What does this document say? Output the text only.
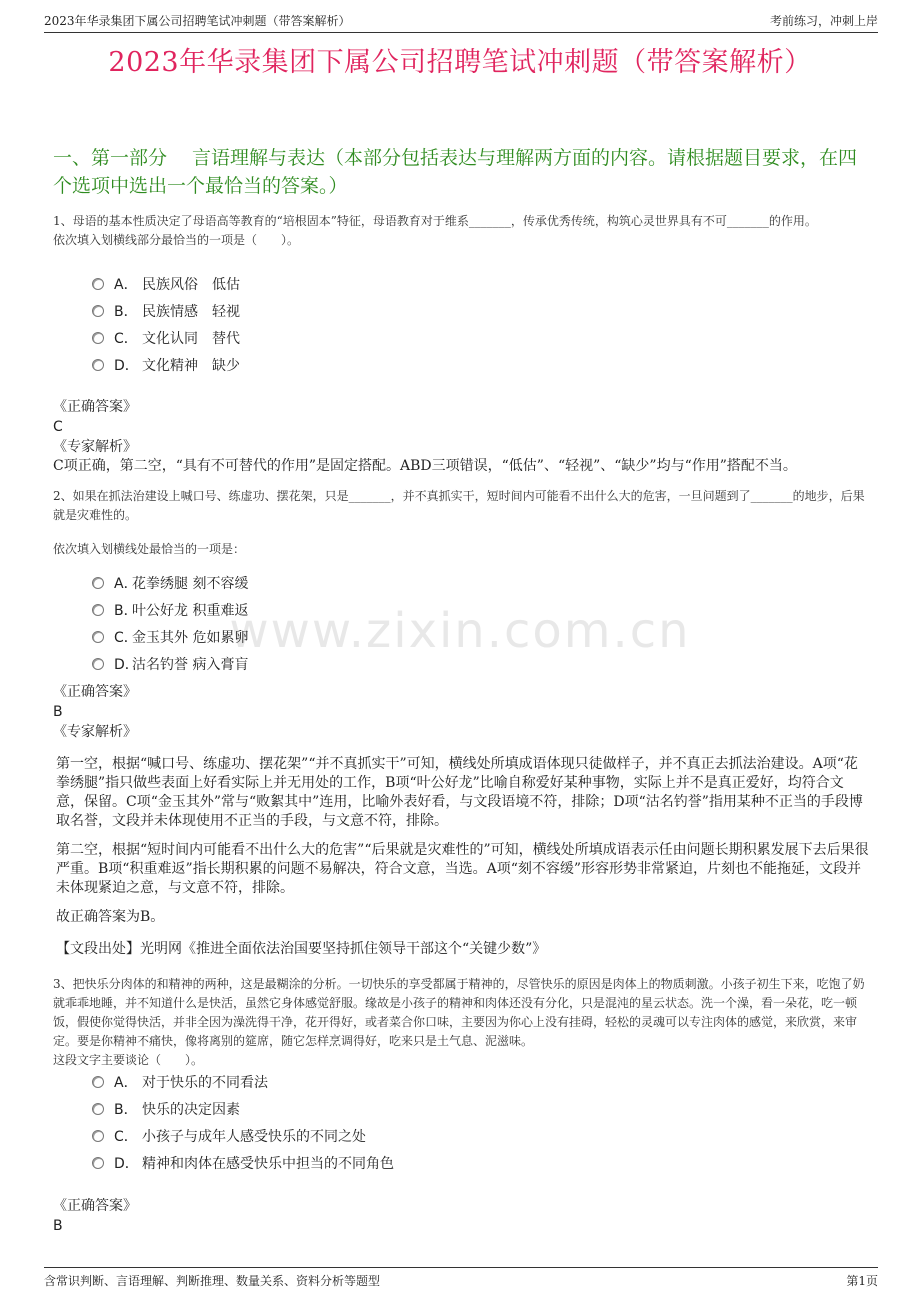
2023年华录集团下属公司招聘笔试冲刺题（带答案解析）	考前练习，冲刺上岸
2023年华录集团下属公司招聘笔试冲刺题（带答案解析）
一、第一部分　 言语理解与表达（本部分包括表达与理解两方面的内容。请根据题目要求，在四个选项中选出一个最恰当的答案。）
www.zixin.com.cn
1、母语的基本性质决定了母语高等教育的“培根固本”特征，母语教育对于维系_______，传承优秀传统，构筑心灵世界具有不可_______的作用。
依次填入划横线部分最恰当的一项是（　　）。
A． 民族风俗　低估
B． 民族情感　轻视
C． 文化认同　替代
D． 文化精神　缺少
《正确答案》
C
《专家解析》
C项正确，第二空，“具有不可替代的作用”是固定搭配。ABD三项错误，“低估”、“轻视”、“缺少”均与“作用”搭配不当。
2、如果在抓法治建设上喊口号、练虚功、摆花架，只是_______，并不真抓实干，短时间内可能看不出什么大的危害，一旦问题到了_______的地步，后果就是灾难性的。
依次填入划横线处最恰当的一项是：
A．
花拳绣腿 刻不容缓
B．
叶公好龙 积重难返
C．
金玉其外 危如累卵
D．
沽名钓誉 病入膏肓
《正确答案》
B
《专家解析》
第一空，根据“喊口号、练虚功、摆花架”“并不真抓实干”可知，横线处所填成语体现只徒做样子，并不真正去抓法治建设。A项“花拳绣腿”指只做些表面上好看实际上并无用处的工作，B项“叶公好龙”比喻自称爱好某种事物，实际上并不是真正爱好，均符合文意，保留。C项“金玉其外”常与“败絮其中”连用，比喻外表好看，与文段语境不符，排除；D项“沽名钓誉”指用某种不正当的手段博取名誉，文段并未体现使用不正当的手段，与文意不符，排除。
第二空，根据“短时间内可能看不出什么大的危害”“后果就是灾难性的”可知，横线处所填成语表示任由问题长期积累发展下去后果很严重。B项“积重难返”指长期积累的问题不易解决，符合文意，当选。A项“刻不容缓”形容形势非常紧迫，片刻也不能拖延，文段并未体现紧迫之意，与文意不符，排除。
故正确答案为B。
【文段出处】光明网《推进全面依法治国要坚持抓住领导干部这个“关键少数”》
3、把快乐分肉体的和精神的两种，这是最糊涂的分析。一切快乐的享受都属于精神的，尽管快乐的原因是肉体上的物质刺激。小孩子初生下来，吃饱了奶就乖乖地睡，并不知道什么是快活，虽然它身体感觉舒服。缘故是小孩子的精神和肉体还没有分化，只是混沌的星云状态。洗一个澡，看一朵花，吃一顿饭，假使你觉得快活，并非全因为澡洗得干净，花开得好，或者菜合你口味，主要因为你心上没有挂碍，轻松的灵魂可以专注肉体的感觉，来欣赏，来审定。要是你精神不痛快，像将离别的筵席，随它怎样烹调得好，吃来只是土气息、泥滋味。
这段文字主要谈论（　　）。
A． 对于快乐的不同看法
B． 快乐的决定因素
C． 小孩子与成年人感受快乐的不同之处
D． 精神和肉体在感受快乐中担当的不同角色
《正确答案》
B
含常识判断、言语理解、判断推理、数量关系、资料分析等题型	第1页
